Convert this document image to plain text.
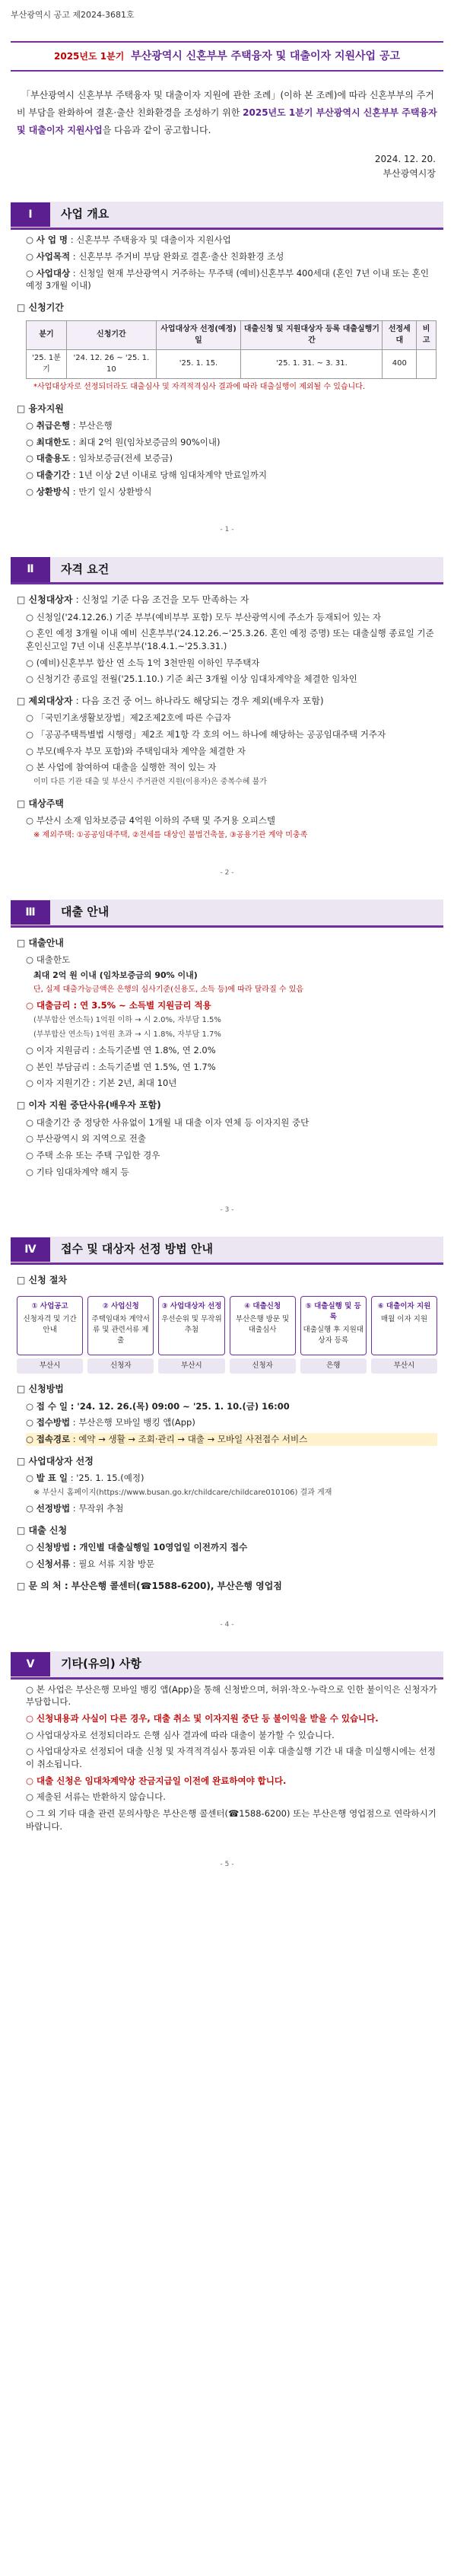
부산광역시 공고 제2024-3681호
2025년도 1분기 부산광역시 신혼부부 주택융자 및 대출이자 지원사업 공고
「부산광역시 신혼부부 주택융자 및 대출이자 지원에 관한 조례」(이하 본 조례)에 따라 신혼부부의 주거비 부담을 완화하여 결혼·출산 친화환경을 조성하기 위한 2025년도 1분기 부산광역시 신혼부부 주택융자 및 대출이자 지원사업을 다음과 같이 공고합니다.
2024. 12. 20.
부산광역시장
Ⅰ	사업 개요
○ 사 업 명 : 신혼부부 주택융자 및 대출이자 지원사업
○ 사업목적 : 신혼부부 주거비 부담 완화로 결혼·출산 친화환경 조성
○ 사업대상 : 신청일 현재 부산광역시 거주하는 무주택 (예비)신혼부부 400세대 (혼인 7년 이내 또는 혼인예정 3개월 이내)
□ 신청기간
분기	신청기간	사업대상자 선정(예정)일	대출신청 및 지원대상자 등록 대출실행기간	선정세대	비고
'25. 1분기	'24. 12. 26 ~ '25. 1. 10	'25. 1. 15.	'25. 1. 31. ~ 3. 31.	400	
*사업대상자로 선정되더라도 대출심사 및 자격적격심사 결과에 따라 대출실행이 제외될 수 있습니다.
□ 융자지원
○ 취급은행 : 부산은행
○ 최대한도 : 최대 2억 원(임차보증금의 90%이내)
○ 대출용도 : 임차보증금(전세 보증금)
○ 대출기간 : 1년 이상 2년 이내로 당해 임대차계약 만료일까지
○ 상환방식 : 만기 일시 상환방식
- 1 -
Ⅱ	자격 요건
□ 신청대상자 : 신청일 기준 다음 조건을 모두 만족하는 자
○ 신청일('24.12.26.) 기준 부부(예비부부 포함) 모두 부산광역시에 주소가 등재되어 있는 자
○ 혼인 예정 3개월 이내 예비 신혼부부('24.12.26.~'25.3.26. 혼인 예정 증명) 또는 대출실행 종료일 기준 혼인신고일 7년 이내 신혼부부('18.4.1.~'25.3.31.)
○ (예비)신혼부부 합산 연 소득 1억 3천만원 이하인 무주택자
○ 신청기간 종료일 전월('25.1.10.) 기준 최근 3개월 이상 임대차계약을 체결한 임차인
□ 제외대상자 : 다음 조건 중 어느 하나라도 해당되는 경우 제외(배우자 포함)
○ 「국민기초생활보장법」제2조제2호에 따른 수급자
○ 「공공주택특별법 시행령」제2조 제1항 각 호의 어느 하나에 해당하는 공공임대주택 거주자
○ 부모(배우자 부모 포함)와 주택임대차 계약을 체결한 자
○ 본 사업에 참여하여 대출을 실행한 적이 있는 자
이미 다른 기관 대출 및 부산시 주거관련 지원(이용자)은 중복수혜 불가
□ 대상주택
○ 부산시 소재 임차보증금 4억원 이하의 주택 및 주거용 오피스텔
※ 제외주택: ①공공임대주택, ②전세를 대상인 불법건축물, ③공용기관 계약 미충족
- 2 -
Ⅲ	대출 안내
□ 대출안내
○ 대출한도
최대 2억 원 이내 (임차보증금의 90% 이내)
단, 실제 대출가능금액은 은행의 심사기준(신용도, 소득 등)에 따라 달라질 수 있음
○ 대출금리 : 연 3.5% ~ 소득별 지원금리 적용
(부부합산 연소득) 1억원 이하 → 시 2.0%, 자부담 1.5%
(부부합산 연소득) 1억원 초과 → 시 1.8%, 자부담 1.7%
○ 이자 지원금리 : 소득기준별 연 1.8%, 연 2.0%
○ 본인 부담금리 : 소득기준별 연 1.5%, 연 1.7%
○ 이자 지원기간 : 기본 2년, 최대 10년
□ 이자 지원 중단사유(배우자 포함)
○ 대출기간 중 정당한 사유없이 1개월 내 대출 이자 연체 등 이자지원 중단
○ 부산광역시 외 지역으로 전출
○ 주택 소유 또는 주택 구입한 경우
○ 기타 임대차계약 해지 등
- 3 -
Ⅳ	접수 및 대상자 선정 방법 안내
□ 신청 절차
① 사업공고
신청자격 및 기간 안내
② 사업신청
주택임대차 계약서류 및 관련서류 제출
③ 사업대상자 선정
우선순위 및 무작위 추첨
④ 대출신청
부산은행 방문 및 대출심사
⑤ 대출실행 및 등록
대출실행 후 지원대상자 등록
⑥ 대출이자 지원
매월 이자 지원
부산시	신청자	부산시	신청자	은행	부산시
□ 신청방법
○ 접 수 일 : '24. 12. 26.(목) 09:00 ~ '25. 1. 10.(금) 16:00
○ 접수방법 : 부산은행 모바일 뱅킹 앱(App)
○ 접속경로 : 예약 → 생활 → 조회·관리 → 대출 → 모바일 사전접수 서비스
□ 사업대상자 선정
○ 발 표 일 : '25. 1. 15.(예정)
※ 부산시 홈페이지(https://www.busan.go.kr/childcare/childcare010106) 결과 게재
○ 선정방법 : 무작위 추첨
□ 대출 신청
○ 신청방법 : 개인별 대출실행일 10영업일 이전까지 접수
○ 신청서류 : 필요 서류 지참 방문
□ 문 의 처 : 부산은행 콜센터(☎1588-6200), 부산은행 영업점
- 4 -
Ⅴ	기타(유의) 사항
○ 본 사업은 부산은행 모바일 뱅킹 앱(App)을 통해 신청받으며, 허위·착오·누락으로 인한 불이익은 신청자가 부담합니다.
○ 신청내용과 사실이 다른 경우, 대출 취소 및 이자지원 중단 등 불이익을 받을 수 있습니다.
○ 사업대상자로 선정되더라도 은행 심사 결과에 따라 대출이 불가할 수 있습니다.
○ 사업대상자로 선정되어 대출 신청 및 자격적격심사 통과된 이후 대출실행 기간 내 대출 미실행시에는 선정이 취소됩니다.
○ 대출 신청은 임대차계약상 잔금지급일 이전에 완료하여야 합니다.
○ 제출된 서류는 반환하지 않습니다.
○ 그 외 기타 대출 관련 문의사항은 부산은행 콜센터(☎1588-6200) 또는 부산은행 영업점으로 연락하시기 바랍니다.
- 5 -
